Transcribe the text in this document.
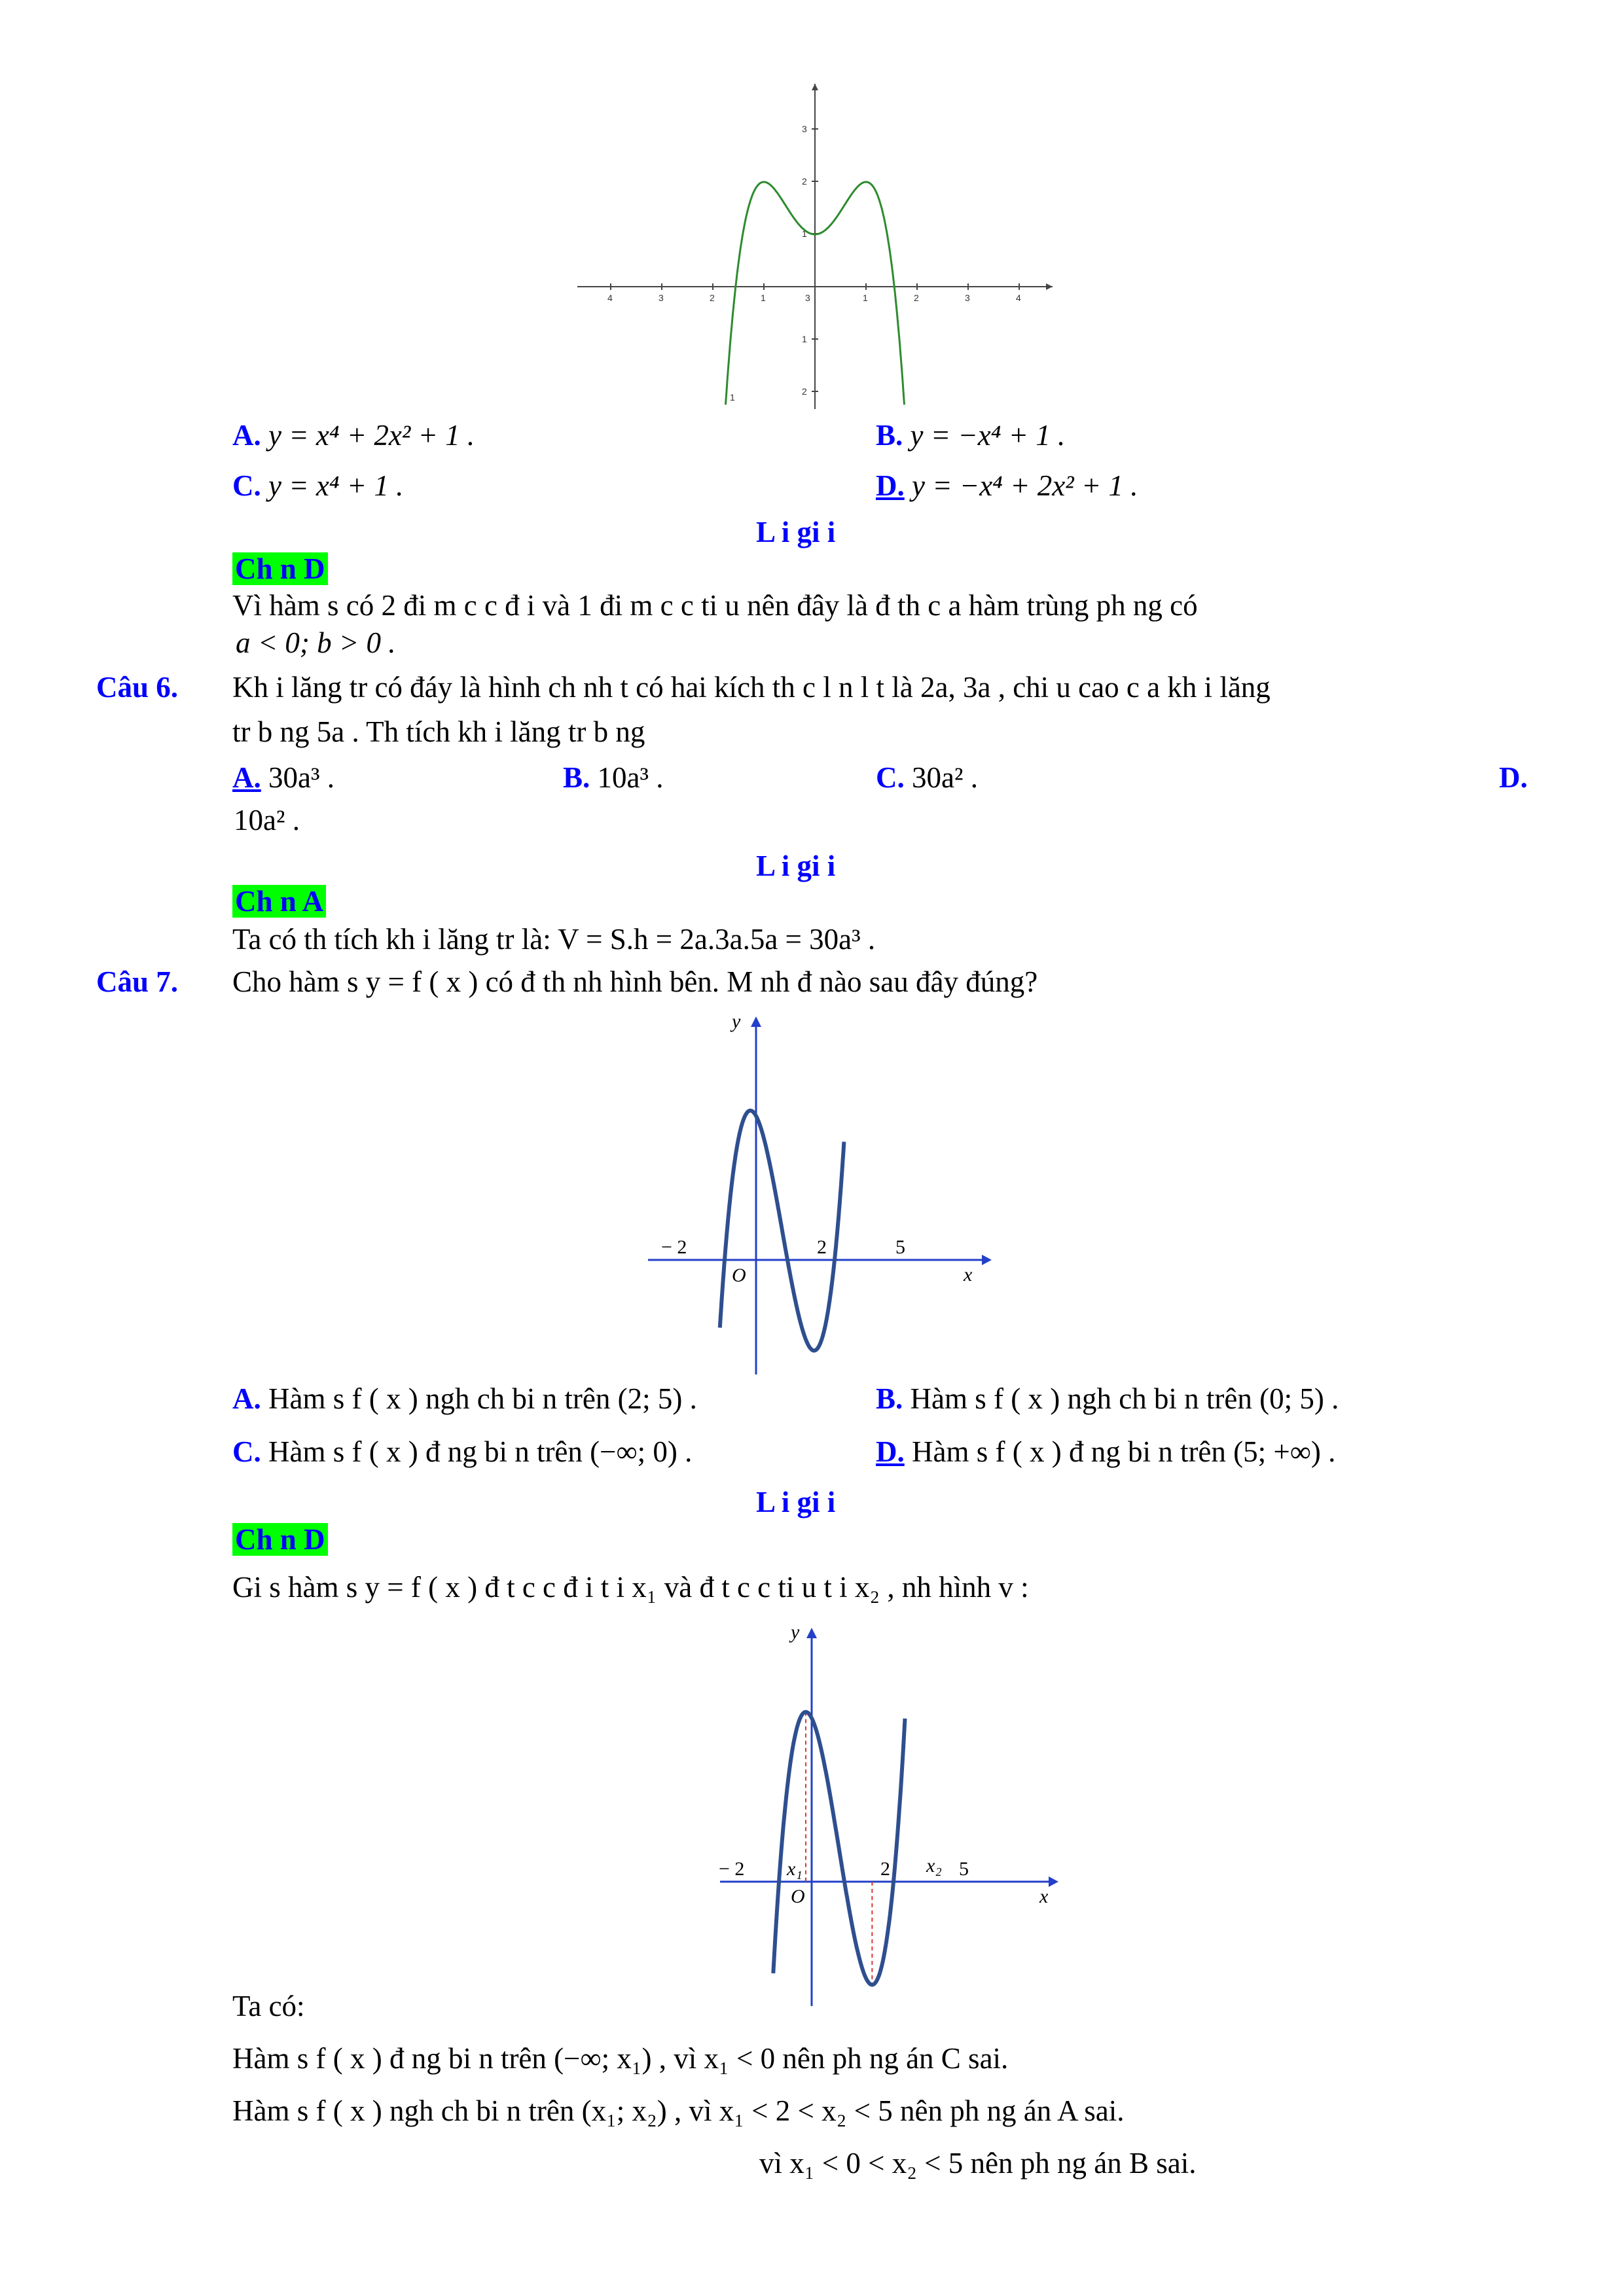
4	3	2	1	3	1	2	3	4
3
2
1
1
2
1
A. y = x⁴ + 2x² + 1 .	B. y = −x⁴ + 1 .
C. y = x⁴ + 1 .	D. y = −x⁴ + 2x² + 1 .
L i gi i
Ch n D
Vì hàm s có 2 đi m c c đ i và 1 đi m c c ti u nên đây là đ th c a hàm trùng ph ng có
a < 0; b > 0 .
Câu 6. Kh i lăng tr có đáy là hình ch nh t có hai kích th c l n l t là 2a, 3a , chi u cao c a kh i lăng
tr b ng 5a . Th tích kh i lăng tr b ng
A. 30a³ .	B. 10a³ .	C. 30a² .	D.
10a² .
L i gi i
Ch n A
Ta có th tích kh i lăng tr là: V = S.h = 2a.3a.5a = 30a³ .
Câu 7. Cho hàm s y = f ( x ) có đ th nh hình bên. M nh đ nào sau đây đúng?
y
x
O
− 2	2	5
A. Hàm s f ( x ) ngh ch bi n trên (2; 5) .	B. Hàm s f ( x ) ngh ch bi n trên (0; 5) .
C. Hàm s f ( x ) đ ng bi n trên (−∞; 0) .	D. Hàm s f ( x ) đ ng bi n trên (5; +∞) .
L i gi i
Ch n D
Gi s hàm s y = f ( x ) đ t c c đ i t i x₁ và đ t c c ti u t i x₂ , nh hình v :
y
x
O
− 2 x₁	2 x₂ 5
Ta có:
Hàm s f ( x ) đ ng bi n trên (−∞; x₁) , vì x₁ < 0 nên ph ng án C sai.
Hàm s f ( x ) ngh ch bi n trên (x₁; x₂) , vì x₁ < 2 < x₂ < 5 nên ph ng án A sai.
vì x₁ < 0 < x₂ < 5 nên ph ng án B sai.
